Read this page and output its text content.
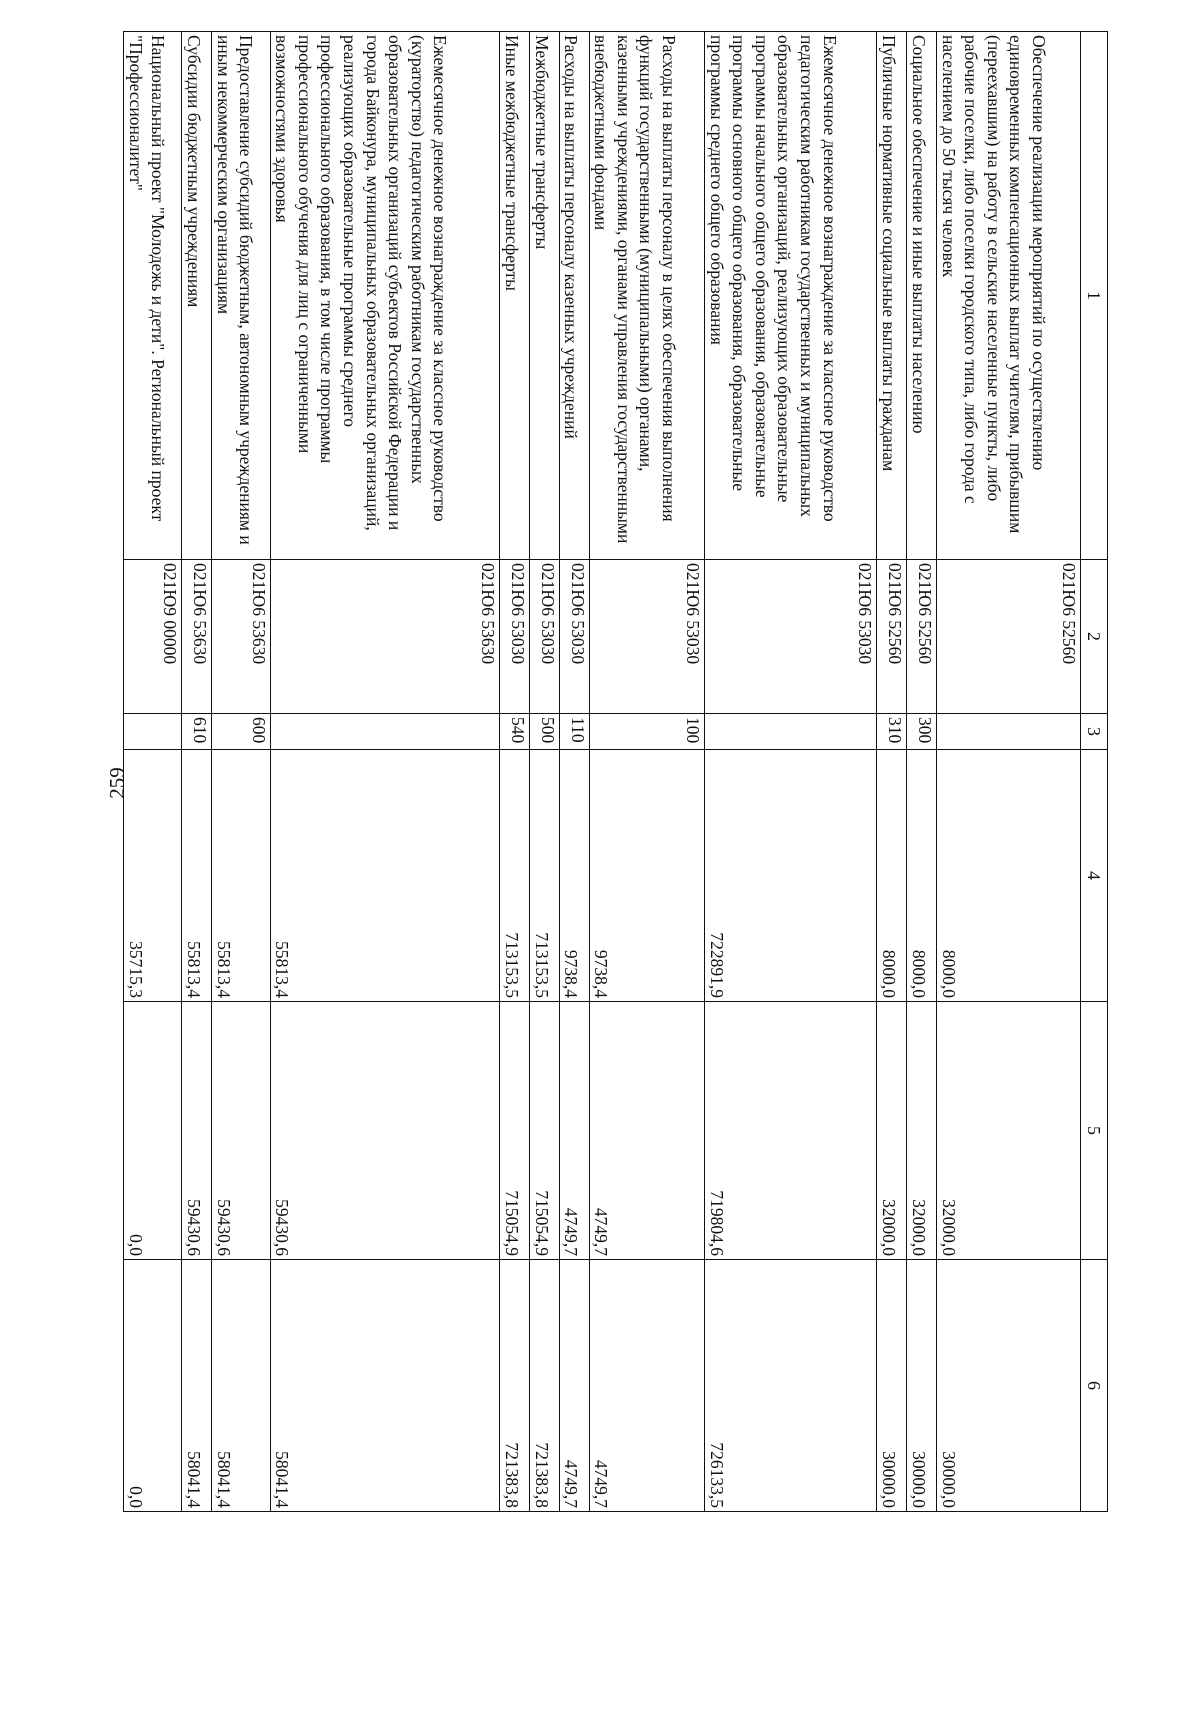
259
1	2	3	4	5	6
Обеспечение реализации мероприятий по осуществлению единовременных компенсационных выплат учителям, прибывшим (переехавшим) на работу в сельские населенные пункты, либо рабочие поселки, либо поселки городского типа, либо города с населением до 50 тысяч человек	021Ю6 52560		8000,0	32000,0	30000,0
Социальное обеспечение и иные выплаты населению	021Ю6 52560	300	8000,0	32000,0	30000,0
Публичные нормативные социальные выплаты гражданам	021Ю6 52560	310	8000,0	32000,0	30000,0
Ежемесячное денежное вознаграждение за классное руководство педагогическим работникам государственных и муниципальных образовательных организаций, реализующих образовательные программы начального общего образования, образовательные программы основного общего образования, образовательные программы среднего общего образования	021Ю6 53030		722891,9	719804,6	726133,5
Расходы на выплаты персоналу в целях обеспечения выполнения функций государственными (муниципальными) органами, казенными учреждениями, органами управления государственными внебюджетными фондами	021Ю6 53030	100	9738,4	4749,7	4749,7
Расходы на выплаты персоналу казенных учреждений	021Ю6 53030	110	9738,4	4749,7	4749,7
Межбюджетные трансферты	021Ю6 53030	500	713153,5	715054,9	721383,8
Иные межбюджетные трансферты	021Ю6 53030	540	713153,5	715054,9	721383,8
Ежемесячное денежное вознаграждение за классное руководство (кураторство) педагогическим работникам государственных образовательных организаций субъектов Российской Федерации и города Байконура, муниципальных образовательных организаций, реализующих образовательные программы среднего профессионального образования, в том числе программы профессионального обучения для лиц с ограниченными возможностями здоровья	021Ю6 53630		55813,4	59430,6	58041,4
Предоставление субсидий бюджетным, автономным учреждениям и иным некоммерческим организациям	021Ю6 53630	600	55813,4	59430,6	58041,4
Субсидии бюджетным учреждениям	021Ю6 53630	610	55813,4	59430,6	58041,4
Национальный проект "Молодежь и дети". Региональный проект "Профессионалитет"	021Ю9 00000		35715,3	0,0	0,0
